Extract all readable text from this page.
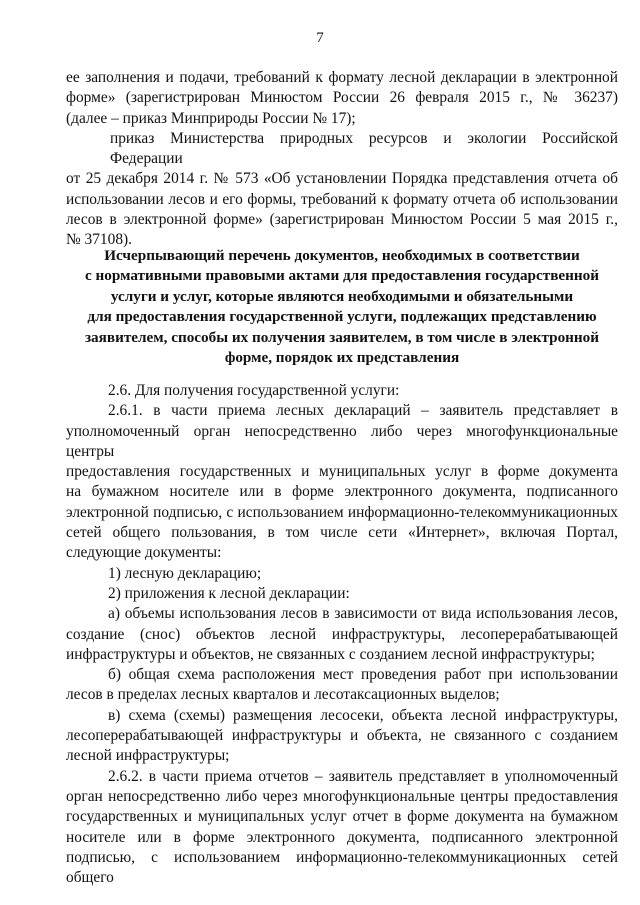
7
ее заполнения и подачи, требований к формату лесной декларации в электронной
форме» (зарегистрирован Минюстом России 26 февраля 2015 г., № 36237)
(далее – приказ Минприроды России № 17);
приказ Министерства природных ресурсов и экологии Российской Федерации
от 25 декабря 2014 г. № 573 «Об установлении Порядка представления отчета об
использовании лесов и его формы, требований к формату отчета об использовании
лесов в электронной форме» (зарегистрирован Минюстом России 5 мая 2015 г.,
№ 37108).
Исчерпывающий перечень документов, необходимых в соответствии
с нормативными правовыми актами для предоставления государственной
услуги и услуг, которые являются необходимыми и обязательными
для предоставления государственной услуги, подлежащих представлению
заявителем, способы их получения заявителем, в том числе в электронной
форме, порядок их представления
2.6. Для получения государственной услуги:
2.6.1. в части приема лесных деклараций – заявитель представляет в
уполномоченный орган непосредственно либо через многофункциональные центры
предоставления государственных и муниципальных услуг в форме документа
на бумажном носителе или в форме электронного документа, подписанного
электронной подписью, с использованием информационно-телекоммуникационных
сетей общего пользования, в том числе сети «Интернет», включая Портал,
следующие документы:
1) лесную декларацию;
2) приложения к лесной декларации:
а) объемы использования лесов в зависимости от вида использования лесов,
создание (снос) объектов лесной инфраструктуры, лесоперерабатывающей
инфраструктуры и объектов, не связанных с созданием лесной инфраструктуры;
б) общая схема расположения мест проведения работ при использовании
лесов в пределах лесных кварталов и лесотаксационных выделов;
в) схема (схемы) размещения лесосеки, объекта лесной инфраструктуры,
лесоперерабатывающей инфраструктуры и объекта, не связанного с созданием
лесной инфраструктуры;
2.6.2. в части приема отчетов – заявитель представляет в уполномоченный
орган непосредственно либо через многофункциональные центры предоставления
государственных и муниципальных услуг отчет в форме документа на бумажном
носителе или в форме электронного документа, подписанного электронной
подписью, с использованием информационно-телекоммуникационных сетей общего
